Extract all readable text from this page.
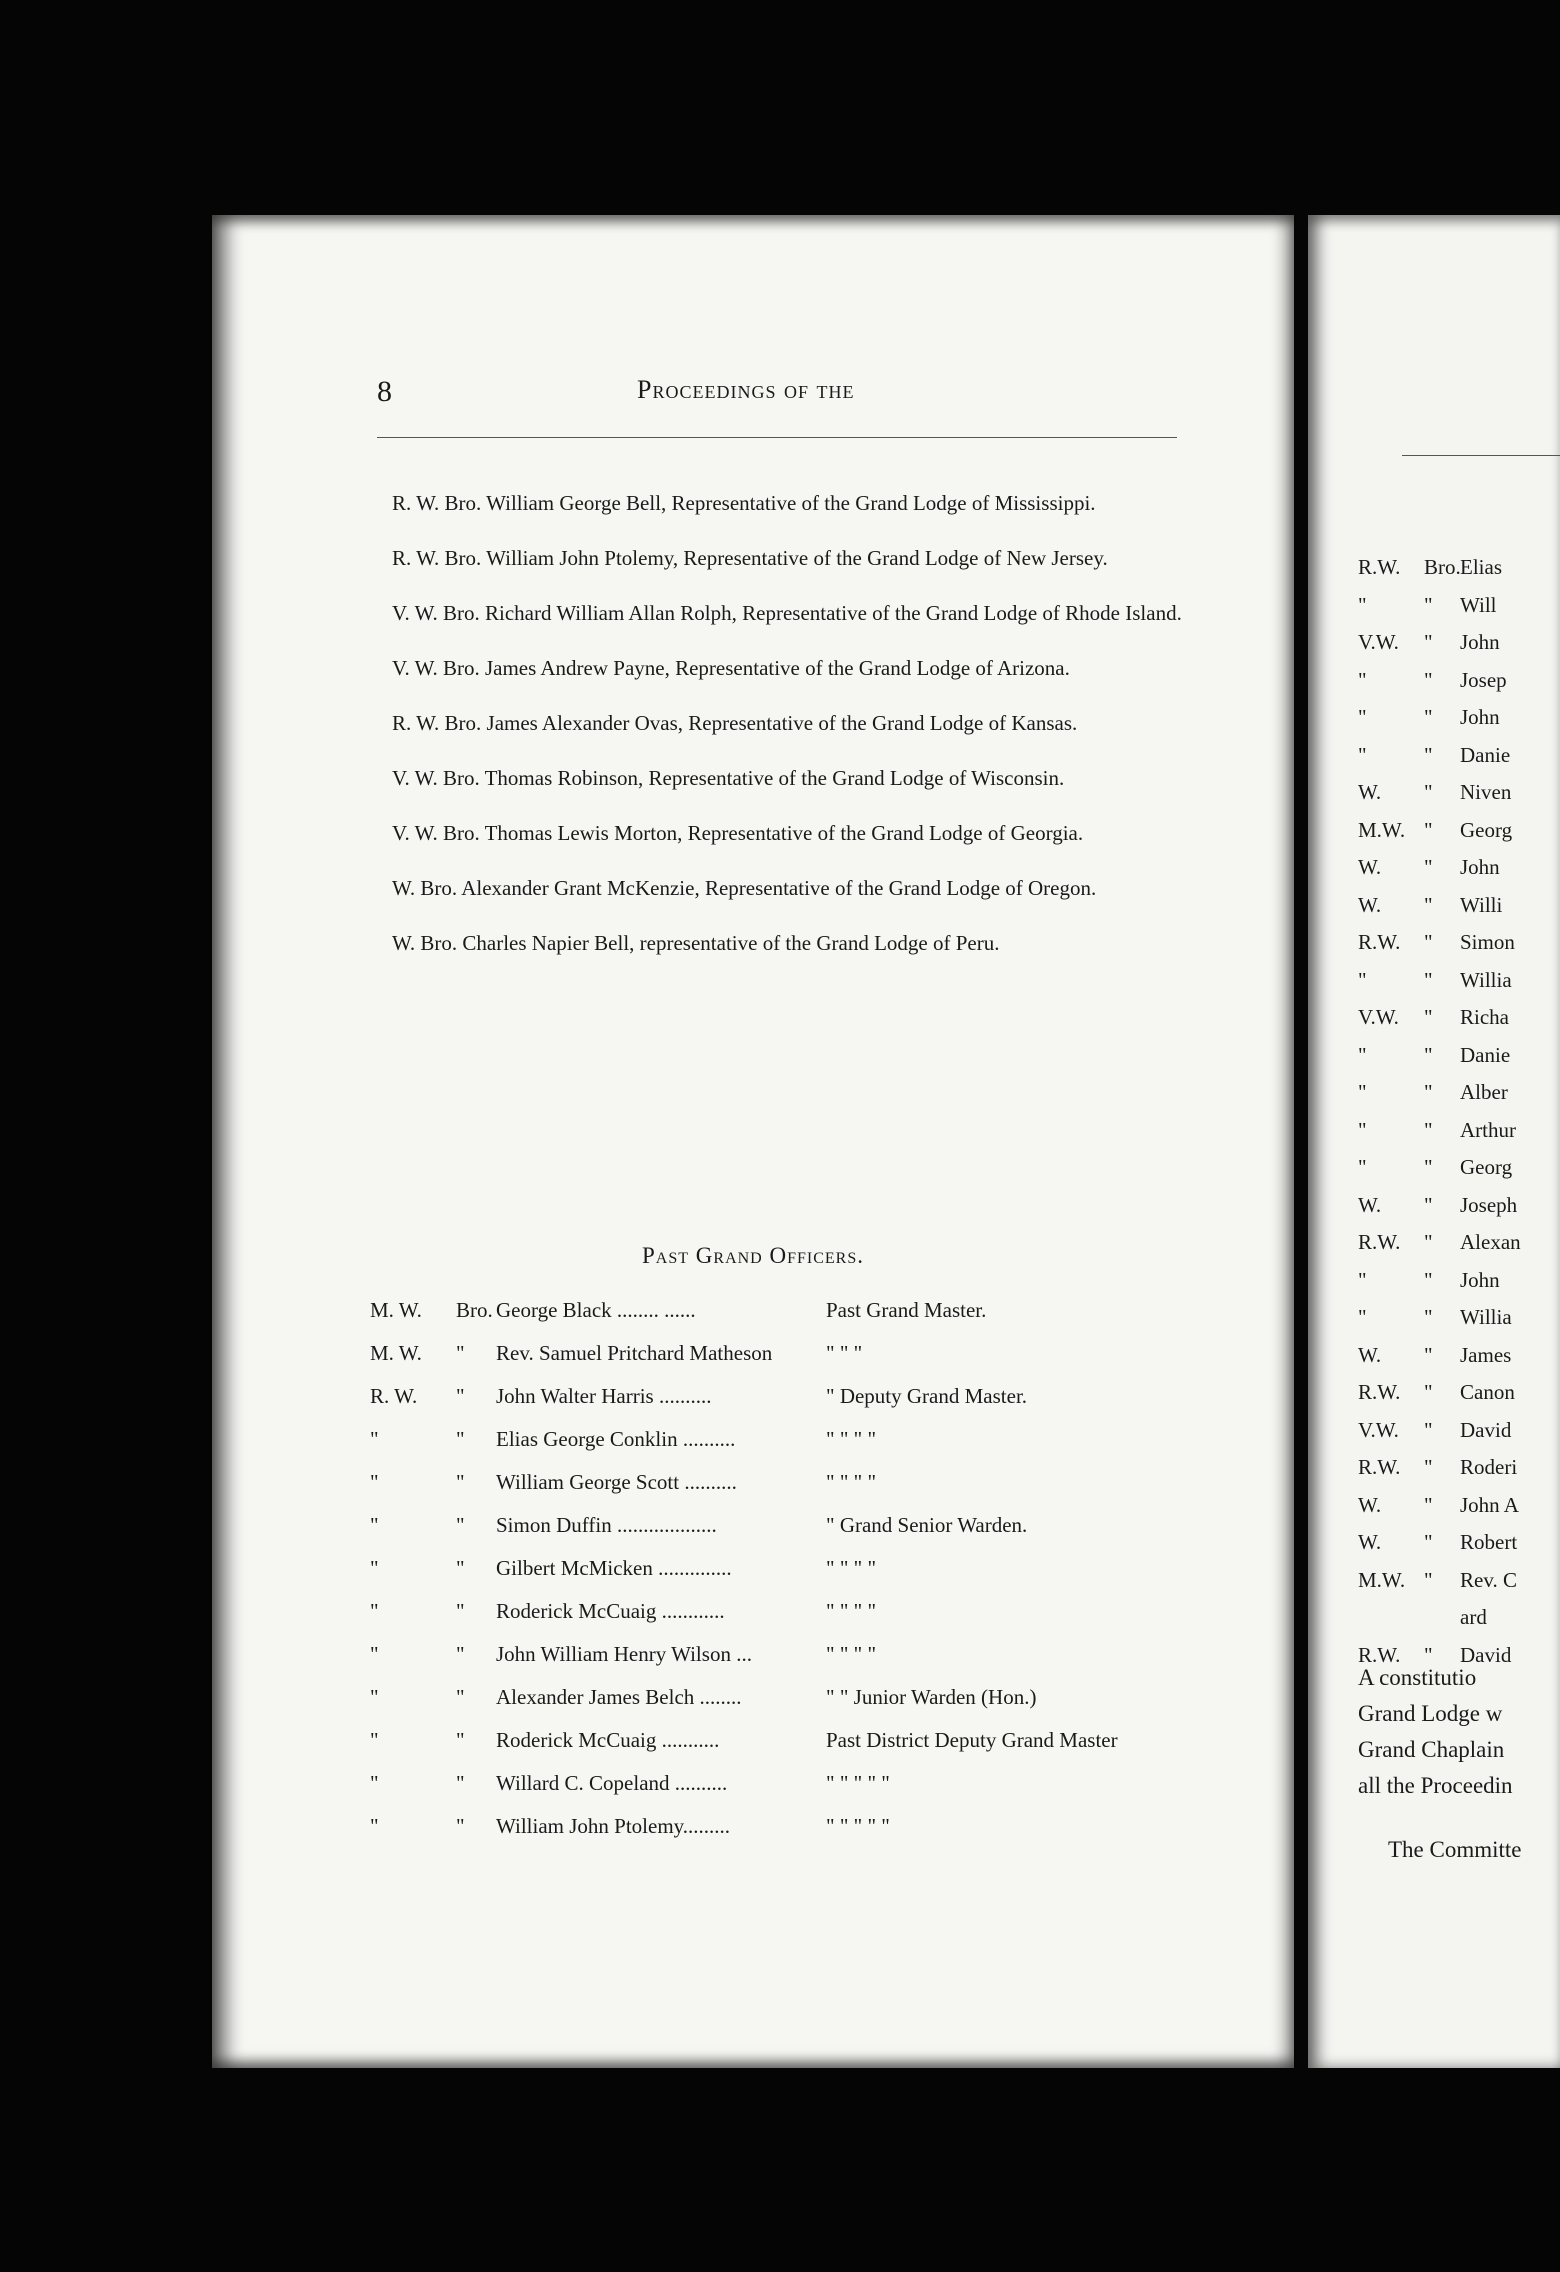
8	Proceedings of the

R. W. Bro. William George Bell, Representative of the Grand Lodge of Mississippi.

R. W. Bro. William John Ptolemy, Representative of the Grand Lodge of New Jersey.

V. W. Bro. Richard William Allan Rolph, Representative of the Grand Lodge of Rhode Island.

V. W. Bro. James Andrew Payne, Representative of the Grand Lodge of Arizona.

R. W. Bro. James Alexander Ovas, Representative of the Grand Lodge of Kansas.

V. W. Bro. Thomas Robinson, Representative of the Grand Lodge of Wisconsin.

V. W. Bro. Thomas Lewis Morton, Representative of the Grand Lodge of Georgia.

W. Bro. Alexander Grant McKenzie, Representative of the Grand Lodge of Oregon.

W. Bro. Charles Napier Bell, representative of the Grand Lodge of Peru.

Past Grand Officers.
M. W. Bro. George Black ........ ......	Past Grand Master.
M. W. " Rev. Samuel Pritchard Matheson	" " "
R. W. " John Walter Harris ..........	" Deputy Grand Master.
"	" Elias George Conklin ..........	" " " "
"	" William George Scott ..........	" " " "
"	" Simon Duffin ...................	" Grand Senior Warden.
"	" Gilbert McMicken ..............	" " " "
"	" Roderick McCuaig ............	" " " "
"	" John William Henry Wilson ...	" " " "
"	" Alexander James Belch ........	" " Junior Warden (Hon.)
"	" Roderick McCuaig ...........	Past District Deputy Grand Master
"	" Willard C. Copeland ..........	" " " " "
"	" William John Ptolemy.........	" " " " "
R.W. Bro. Elias
"	" Will
V.W. " John
"	" Josep
"	" John
"	" Danie
W. " Niven
M.W. " Georg
W. " John
W. " Willi
R.W. " Simon
"	" Willia
V.W. " Richa
"	" Danie
"	" Alber
"	" Arthur
"	" Georg
W. " Joseph
R.W. " Alexan
"	" John
"	" Willia
W. " James
R.W. " Canon
V.W. " David
R.W. " Roderi
W. " John A
W. " Robert
M.W. " Rev. C
ard
R.W. " David
A constitutio
Grand Lodge w
Grand Chaplain
all the Proceedin
The Committe
